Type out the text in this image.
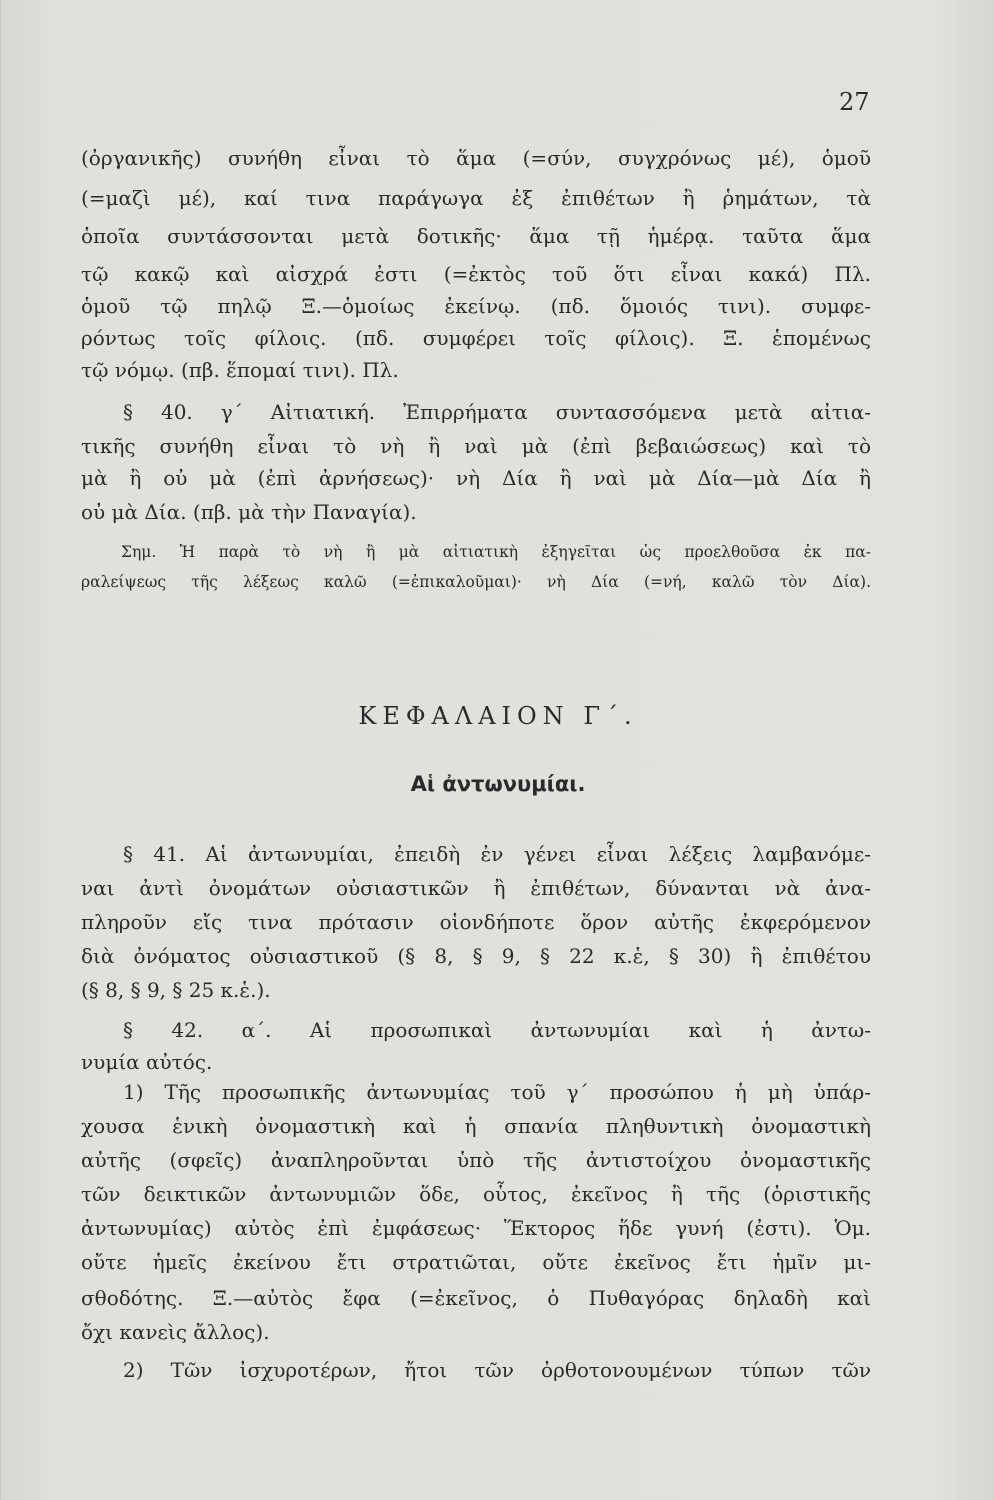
27
(ὀργανικῆς) συνήθη εἶναι τὸ ἅμα (=σύν, συγχρόνως μέ), ὁμοῦ
(=μαζὶ μέ), καί τινα παράγωγα ἐξ ἐπιθέτων ἢ ῥημάτων, τὰ
ὁποῖα συντάσσονται μετὰ δοτικῆς· ἅμα τῇ ἡμέρᾳ. ταῦτα ἅμα
τῷ κακῷ καὶ αἰσχρά ἐστι (=ἐκτὸς τοῦ ὅτι εἶναι κακά) Πλ.
ὁμοῦ τῷ πηλῷ Ξ.—ὁμοίως ἐκείνῳ. (πδ. ὅμοιός τινι). συμφε-
ρόντως τοῖς φίλοις. (πδ. συμφέρει τοῖς φίλοις). Ξ. ἑπομένως
τῷ νόμῳ. (πβ. ἕπομαί τινι). Πλ.
§ 40. γ΄ Αἰτιατική. Ἐπιρρήματα συντασσόμενα μετὰ αἰτια-
τικῆς συνήθη εἶναι τὸ νὴ ἢ ναὶ μὰ (ἐπὶ βεβαιώσεως) καὶ τὸ
μὰ ἢ οὐ μὰ (ἐπὶ ἀρνήσεως)· νὴ Δία ἢ ναὶ μὰ Δία—μὰ Δία ἢ
οὐ μὰ Δία. (πβ. μὰ τὴν Παναγία).
Σημ. Ἡ παρὰ τὸ νὴ ἢ μὰ αἰτιατικὴ ἐξηγεῖται ὡς προελθοῦσα ἐκ πα-
ραλείψεως τῆς λέξεως καλῶ (=ἐπικαλοῦμαι)· νὴ Δία (=νή, καλῶ τὸν Δία).
ΚΕΦΑΛΑΙΟΝ Γ΄.
Αἱ ἀντωνυμίαι.
§ 41. Αἱ ἀντωνυμίαι, ἐπειδὴ ἐν γένει εἶναι λέξεις λαμβανόμε-
ναι ἀντὶ ὀνομάτων οὐσιαστικῶν ἢ ἐπιθέτων, δύνανται νὰ ἀνα-
πληροῦν εἴς τινα πρότασιν οἱονδήποτε ὅρον αὐτῆς ἐκφερόμενον
διὰ ὀνόματος οὐσιαστικοῦ (§ 8, § 9, § 22 κ.ἑ, § 30) ἢ ἐπιθέτου
(§ 8, § 9, § 25 κ.ἑ.).
§ 42. α΄. Αἱ προσωπικαὶ ἀντωνυμίαι καὶ ἡ ἀντω-
νυμία αὐτός.
1) Τῆς προσωπικῆς ἀντωνυμίας τοῦ γ΄ προσώπου ἡ μὴ ὑπάρ-
χουσα ἑνικὴ ὀνομαστικὴ καὶ ἡ σπανία πληθυντικὴ ὀνομαστικὴ
αὐτῆς (σφεῖς) ἀναπληροῦνται ὑπὸ τῆς ἀντιστοίχου ὀνομαστικῆς
τῶν δεικτικῶν ἀντωνυμιῶν ὅδε, οὗτος, ἐκεῖνος ἢ τῆς (ὁριστικῆς
ἀντωνυμίας) αὐτὸς ἐπὶ ἐμφάσεως· Ἕκτορος ἥδε γυνή (ἐστι). Ὁμ.
οὔτε ἡμεῖς ἐκείνου ἔτι στρατιῶται, οὔτε ἐκεῖνος ἔτι ἡμῖν μι-
σθοδότης. Ξ.—αὐτὸς ἔφα (=ἐκεῖνος, ὁ Πυθαγόρας δηλαδὴ καὶ
ὄχι κανεὶς ἄλλος).
2) Τῶν ἰσχυροτέρων, ἤτοι τῶν ὀρθοτονουμένων τύπων τῶν
